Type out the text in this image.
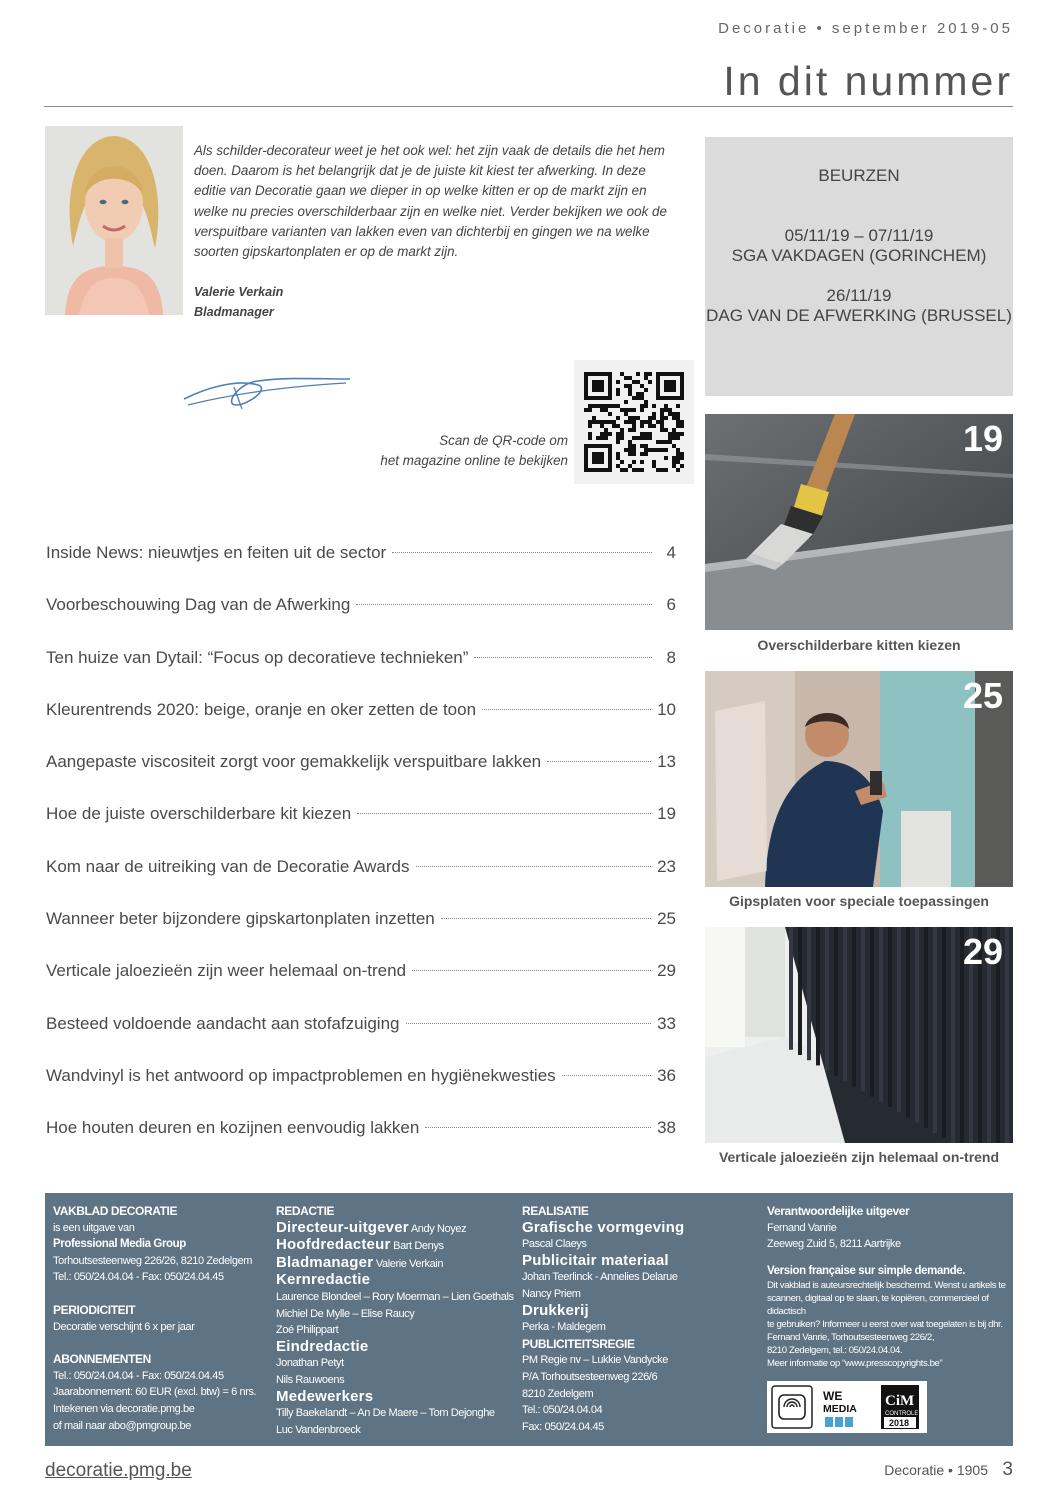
Decoratie • september 2019-05
In dit nummer

Als schilder-decorateur weet je het ook wel: het zijn vaak de details die het hem doen. Daarom is het belangrijk dat je de juiste kit kiest ter afwerking. In deze editie van Decoratie gaan we dieper in op welke kitten er op de markt zijn en welke nu precies overschilderbaar zijn en welke niet. Verder bekijken we ook de verspuitbare varianten van lakken even van dichterbij en gingen we na welke soorten gipskartonplaten er op de markt zijn.

Valerie Verkain
Bladmanager
Scan de QR-code om
het magazine online te bekijken
BEURZEN
05/11/19 – 07/11/19
SGA VAKDAGEN (GORINCHEM)
26/11/19
DAG VAN DE AFWERKING (BRUSSEL)
Inside News: nieuwtjes en feiten uit de sector	4
Voorbeschouwing Dag van de Afwerking	6
Ten huize van Dytail: “Focus op decoratieve technieken”	8
Kleurentrends 2020: beige, oranje en oker zetten de toon	10
Aangepaste viscositeit zorgt voor gemakkelijk verspuitbare lakken	13
Hoe de juiste overschilderbare kit kiezen	19
Kom naar de uitreiking van de Decoratie Awards	23
Wanneer beter bijzondere gipskartonplaten inzetten	25
Verticale jaloezieën zijn weer helemaal on-trend	29
Besteed voldoende aandacht aan stofafzuiging	33
Wandvinyl is het antwoord op impactproblemen en hygiënekwesties	36
Hoe houten deuren en kozijnen eenvoudig lakken	38
19
Overschilderbare kitten kiezen
25
Gipsplaten voor speciale toepassingen
29
Verticale jaloezieën zijn helemaal on-trend
VAKBLAD DECORATIE
is een uitgave van
Professional Media Group
Torhoutsesteenweg 226/26, 8210 Zedelgem
Tel.: 050/24.04.04 - Fax: 050/24.04.45
PERIODICITEIT
Decoratie verschijnt 6 x per jaar
ABONNEMENTEN
Tel.: 050/24.04.04 - Fax: 050/24.04.45
Jaarabonnement: 60 EUR (excl. btw) = 6 nrs.
Intekenen via decoratie.pmg.be
of mail naar abo@pmgroup.be
REDACTIE
Directeur-uitgever Andy Noyez
Hoofdredacteur Bart Denys
Bladmanager Valerie Verkain
Kernredactie
Laurence Blondeel – Rory Moerman – Lien Goethals
Michiel De Mylle – Elise Raucy
Zoé Philippart
Eindredactie
Jonathan Petyt
Nils Rauwoens
Medewerkers
Tilly Baekelandt – An De Maere – Tom Dejonghe
Luc Vandenbroeck
REALISATIE
Grafische vormgeving
Pascal Claeys
Publicitair materiaal
Johan Teerlinck - Annelies Delarue
Nancy Priem
Drukkerij
Perka - Maldegem
PUBLICITEITSREGIE
PM Regie nv – Lukkie Vandycke
P/A Torhoutsesteenweg 226/6
8210 Zedelgem
Tel.: 050/24.04.04
Fax: 050/24.04.45
Verantwoordelijke uitgever
Fernand Vanrie
Zeeweg Zuid 5, 8211 Aartrijke
Version française sur simple demande.
Dit vakblad is auteursrechtelijk beschermd. Wenst u artikels te
scannen, digitaal op te slaan, te kopiëren, commercieel of didactisch
te gebruiken? Informeer u eerst over wat toegelaten is bij dhr.
Fernand Vanrie, Torhoutsesteenweg 226/2,
8210 Zedelgem, tel.: 050/24.04.04.
Meer informatie op “www.presscopyrights.be”
WE
MEDIA CiM
CONTROLE
2018
decoratie.pmg.be	Decoratie • 1905 3
